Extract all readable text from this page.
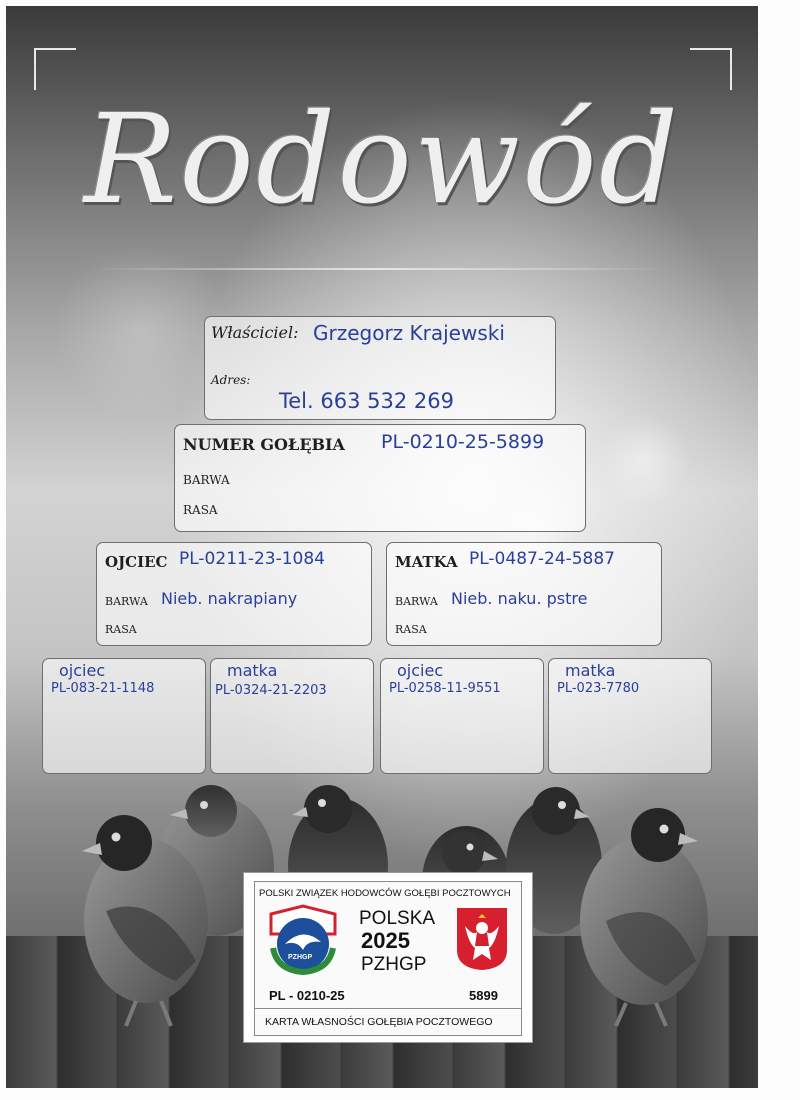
Rodowód
Właściciel: Grzegorz Krajewski
Adres:
Tel. 663 532 269
NUMER GOŁĘBIA PL-0210-25-5899
BARWA
RASA
OJCIEC PL-0211-23-1084
BARWA Nieb. nakrapiany
RASA
MATKA PL-0487-24-5887
BARWA Nieb. naku. pstre
RASA
ojciec
PL-083-21-1148
matka
PL-0324-21-2203
ojciec
PL-0258-11-9551
matka
PL-023-7780
POLSKI ZWIĄZEK HODOWCÓW GOŁĘBI POCZTOWYCH
PZHGP
POLSKA
2025
PZHGP
PL - 0210-25	5899
KARTA WŁASNOŚCI GOŁĘBIA POCZTOWEGO
